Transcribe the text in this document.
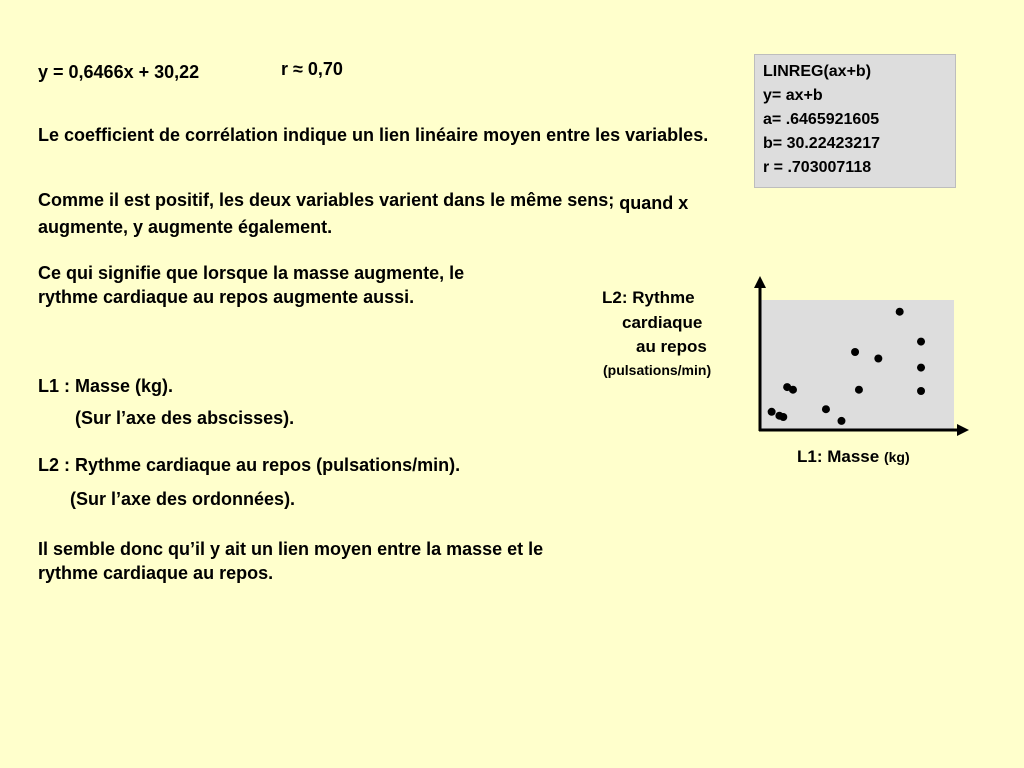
y = 0,6466x + 30,22	r ≈ 0,70

Le coefficient de corrélation indique un lien linéaire moyen entre les variables.

Comme il est positif, les deux variables varient dans le même sens; quand x augmente, y augmente également.

Ce qui signifie que lorsque la masse augmente, le rythme cardiaque au repos augmente aussi.

L1 : Masse (kg).

(Sur l’axe des abscisses).

L2 : Rythme cardiaque au repos (pulsations/min).

(Sur l’axe des ordonnées).

Il semble donc qu’il y ait un lien moyen entre la masse et le rythme cardiaque au repos.

LINREG(ax+b)
y= ax+b
a= .6465921605
b= 30.22423217
r = .703007118
L2: Rythme
cardiaque
au repos
(pulsations/min)
L1: Masse (kg)
